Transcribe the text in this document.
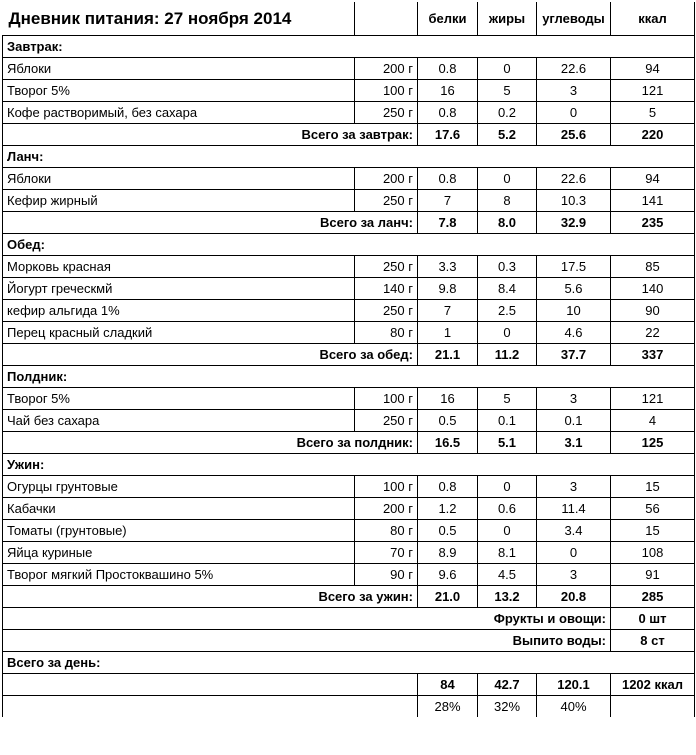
Дневник питания: 27 ноября 2014		белки	жиры	углеводы	ккал
Завтрак:					
Яблоки	200 г	0.8	0	22.6	94
Творог 5%	100 г	16	5	3	121
Кофе растворимый, без сахара	250 г	0.8	0.2	0	5
Всего за завтрак:		17.6	5.2	25.6	220
Ланч:					
Яблоки	200 г	0.8	0	22.6	94
Кефир жирный	250 г	7	8	10.3	141
Всего за ланч:		7.8	8.0	32.9	235
Обед:					
Морковь красная	250 г	3.3	0.3	17.5	85
Йогурт греческмй	140 г	9.8	8.4	5.6	140
кефир альгида 1%	250 г	7	2.5	10	90
Перец красный сладкий	80 г	1	0	4.6	22
Всего за обед:		21.1	11.2	37.7	337
Полдник:					
Творог 5%	100 г	16	5	3	121
Чай без сахара	250 г	0.5	0.1	0.1	4
Всего за полдник:		16.5	5.1	3.1	125
Ужин:					
Огурцы грунтовые	100 г	0.8	0	3	15
Кабачки	200 г	1.2	0.6	11.4	56
Томаты (грунтовые)	80 г	0.5	0	3.4	15
Яйца куриные	70 г	8.9	8.1	0	108
Творог мягкий Простоквашино 5%	90 г	9.6	4.5	3	91
Всего за ужин:		21.0	13.2	20.8	285
Фрукты и овощи:					0 шт
Выпито воды:					8 ст
Всего за день:					
		84	42.7	120.1	1202 ккал
		28%	32%	40%	
